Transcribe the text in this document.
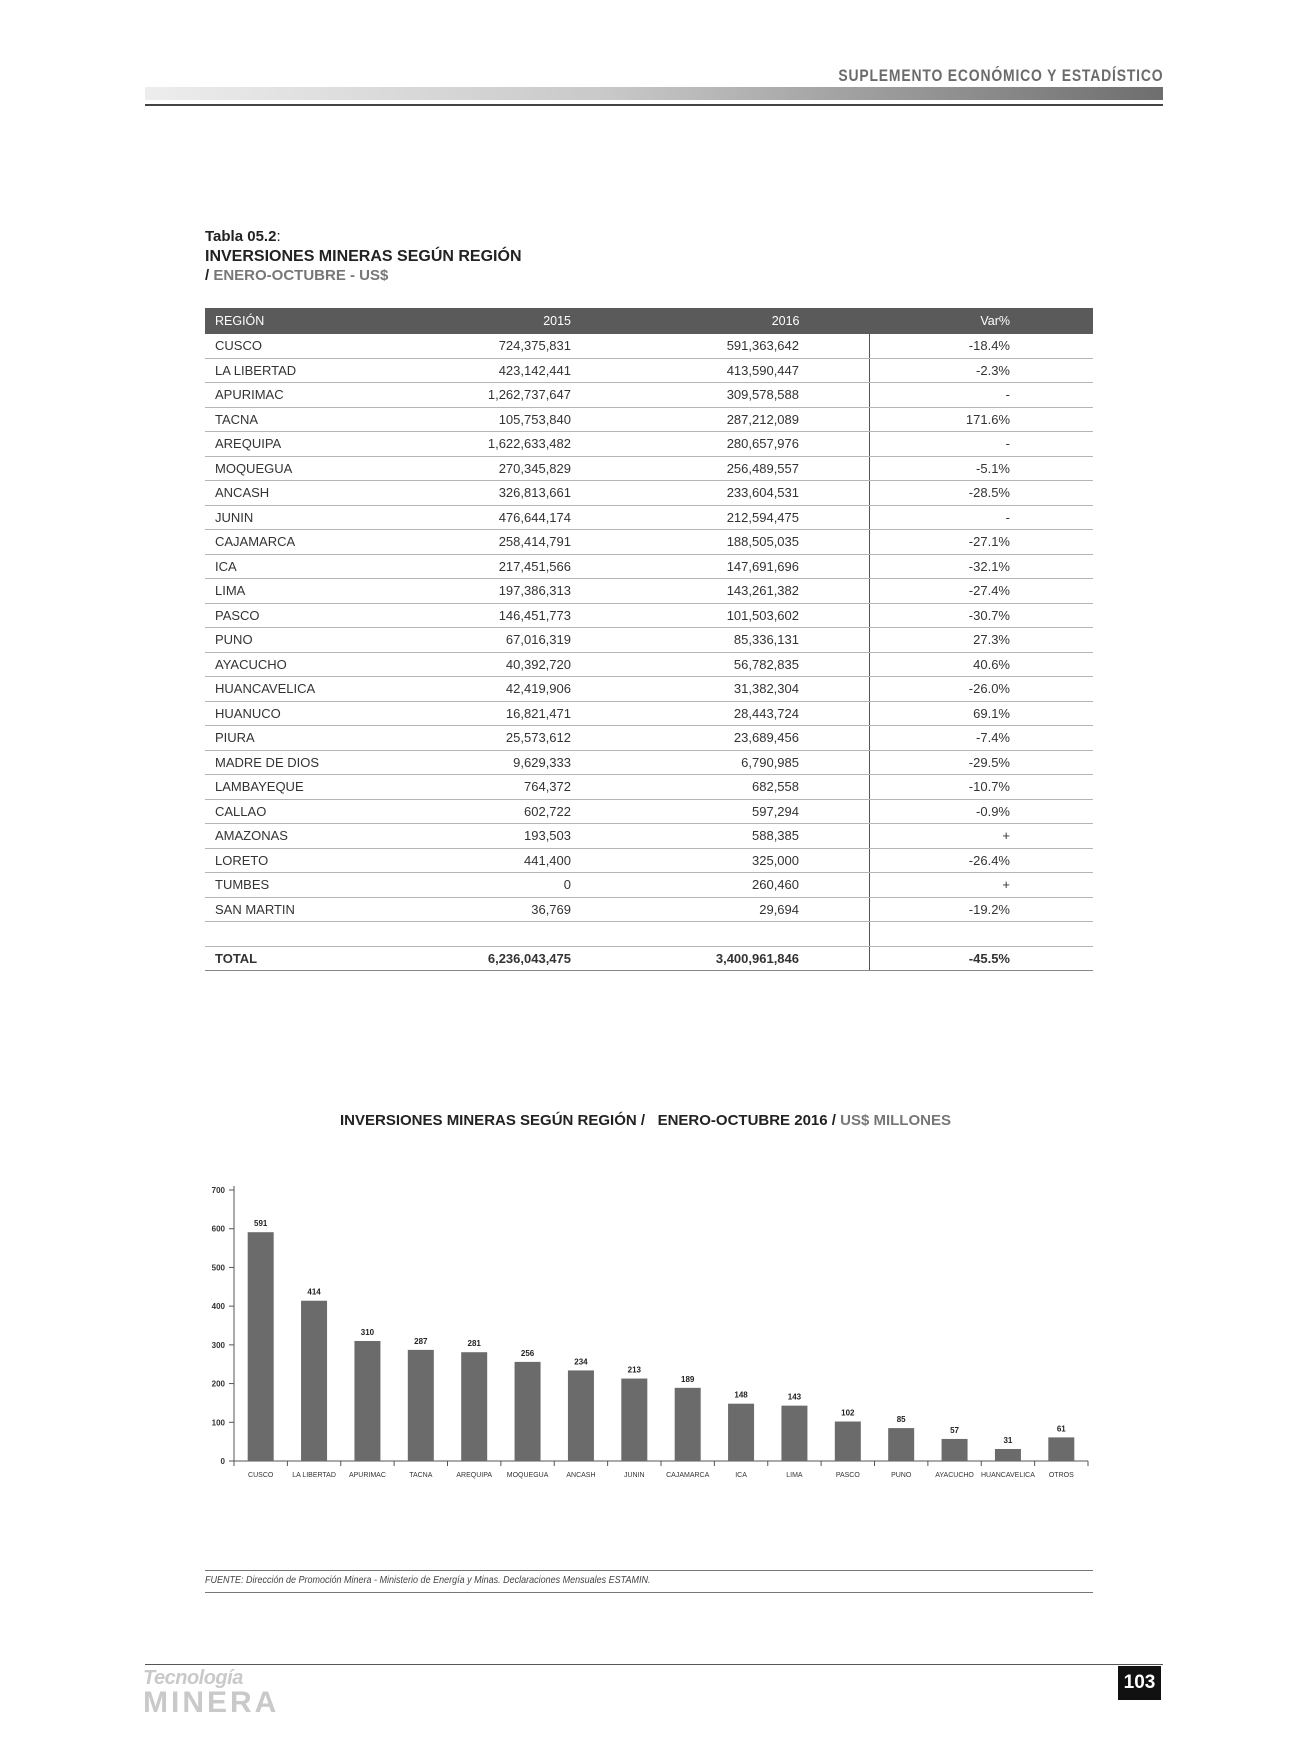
SUPLEMENTO ECONÓMICO Y ESTADÍSTICO
Tabla 05.2:
INVERSIONES MINERAS SEGÚN REGIÓN
/ ENERO-OCTUBRE - US$
REGIÓN	2015	2016	Var%
CUSCO	724,375,831	591,363,642	-18.4%
LA LIBERTAD	423,142,441	413,590,447	-2.3%
APURIMAC	1,262,737,647	309,578,588	-
TACNA	105,753,840	287,212,089	171.6%
AREQUIPA	1,622,633,482	280,657,976	-
MOQUEGUA	270,345,829	256,489,557	-5.1%
ANCASH	326,813,661	233,604,531	-28.5%
JUNIN	476,644,174	212,594,475	-
CAJAMARCA	258,414,791	188,505,035	-27.1%
ICA	217,451,566	147,691,696	-32.1%
LIMA	197,386,313	143,261,382	-27.4%
PASCO	146,451,773	101,503,602	-30.7%
PUNO	67,016,319	85,336,131	27.3%
AYACUCHO	40,392,720	56,782,835	40.6%
HUANCAVELICA	42,419,906	31,382,304	-26.0%
HUANUCO	16,821,471	28,443,724	69.1%
PIURA	25,573,612	23,689,456	-7.4%
MADRE DE DIOS	9,629,333	6,790,985	-29.5%
LAMBAYEQUE	764,372	682,558	-10.7%
CALLAO	602,722	597,294	-0.9%
AMAZONAS	193,503	588,385	+
LORETO	441,400	325,000	-26.4%
TUMBES	0	260,460	+
SAN MARTIN	36,769	29,694	-19.2%

TOTAL	6,236,043,475	3,400,961,846	-45.5%
INVERSIONES MINERAS SEGÚN REGIÓN / ENERO-OCTUBRE 2016 / US$ MILLONES
0
100
200
300
400
500
600
700
591
CUSCO
414
LA LIBERTAD
310
APURIMAC
287
TACNA
281
AREQUIPA
256
MOQUEGUA
234
ANCASH
213
JUNIN
189
CAJAMARCA
148
ICA
143
LIMA
102
PASCO
85
PUNO
57
AYACUCHO
31
HUANCAVELICA
61
OTROS
FUENTE: Dirección de Promoción Minera - Ministerio de Energía y Minas. Declaraciones Mensuales ESTAMIN.
Tecnología
MINERA
103
